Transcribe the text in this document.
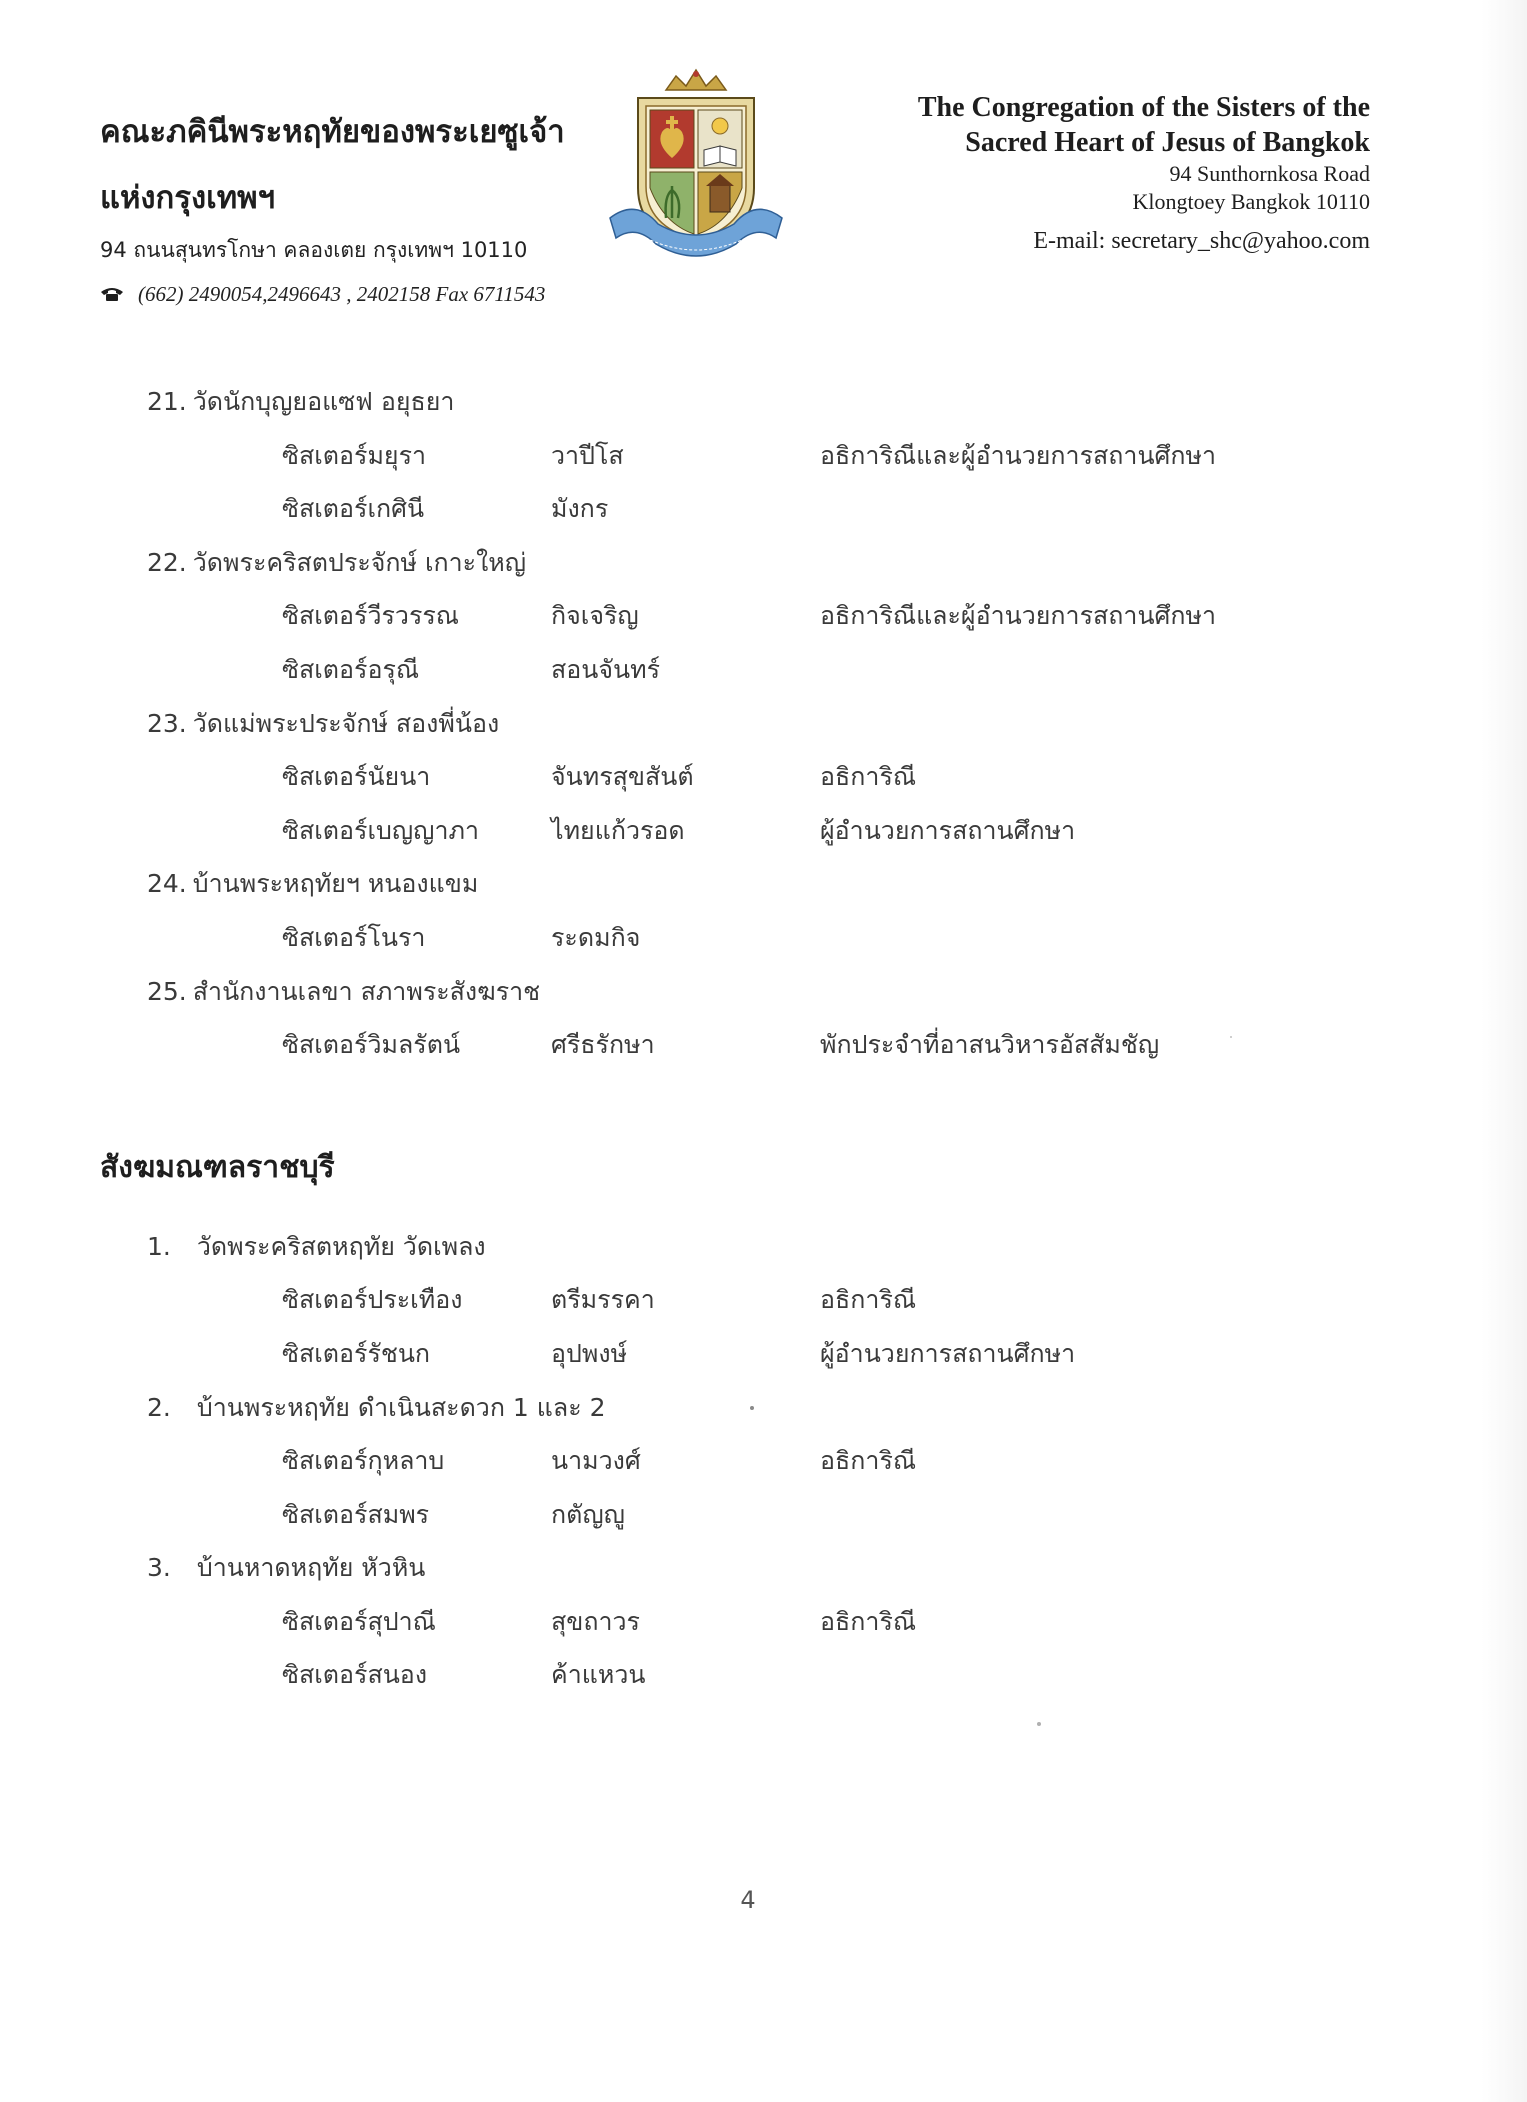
คณะภคินีพระหฤทัยของพระเยซูเจ้า
แห่งกรุงเทพฯ
94 ถนนสุนทรโกษา คลองเตย กรุงเทพฯ 10110
(662) 2490054,2496643 , 2402158 Fax 6711543
The Congregation of the Sisters of the
Sacred Heart of Jesus of Bangkok
94 Sunthornkosa Road
Klongtoey Bangkok 10110
E-mail: secretary_shc@yahoo.com
21. วัดนักบุญยอแซฟ อยุธยา
ซิสเตอร์มยุรา	วาปีโส	อธิการิณีและผู้อำนวยการสถานศึกษา
ซิสเตอร์เกศินี	มังกร
22. วัดพระคริสตประจักษ์ เกาะใหญ่
ซิสเตอร์วีรวรรณ	กิจเจริญ	อธิการิณีและผู้อำนวยการสถานศึกษา
ซิสเตอร์อรุณี	สอนจันทร์
23. วัดแม่พระประจักษ์ สองพี่น้อง
ซิสเตอร์นัยนา	จันทรสุขสันต์	อธิการิณี
ซิสเตอร์เบญญาภา	ไทยแก้วรอด	ผู้อำนวยการสถานศึกษา
24. บ้านพระหฤทัยฯ หนองแขม
ซิสเตอร์โนรา	ระดมกิจ
25. สำนักงานเลขา สภาพระสังฆราช
ซิสเตอร์วิมลรัตน์	ศรีธรักษา	พักประจำที่อาสนวิหารอัสสัมชัญ
สังฆมณฑลราชบุรี
1. วัดพระคริสตหฤทัย วัดเพลง
ซิสเตอร์ประเทือง	ตรีมรรคา	อธิการิณี
ซิสเตอร์รัชนก	อุปพงษ์	ผู้อำนวยการสถานศึกษา
2. บ้านพระหฤทัย ดำเนินสะดวก 1 และ 2
ซิสเตอร์กุหลาบ	นามวงศ์	อธิการิณี
ซิสเตอร์สมพร	กตัญญู
3. บ้านหาดหฤทัย หัวหิน
ซิสเตอร์สุปาณี	สุขถาวร	อธิการิณี
ซิสเตอร์สนอง	ค้าแหวน
4
